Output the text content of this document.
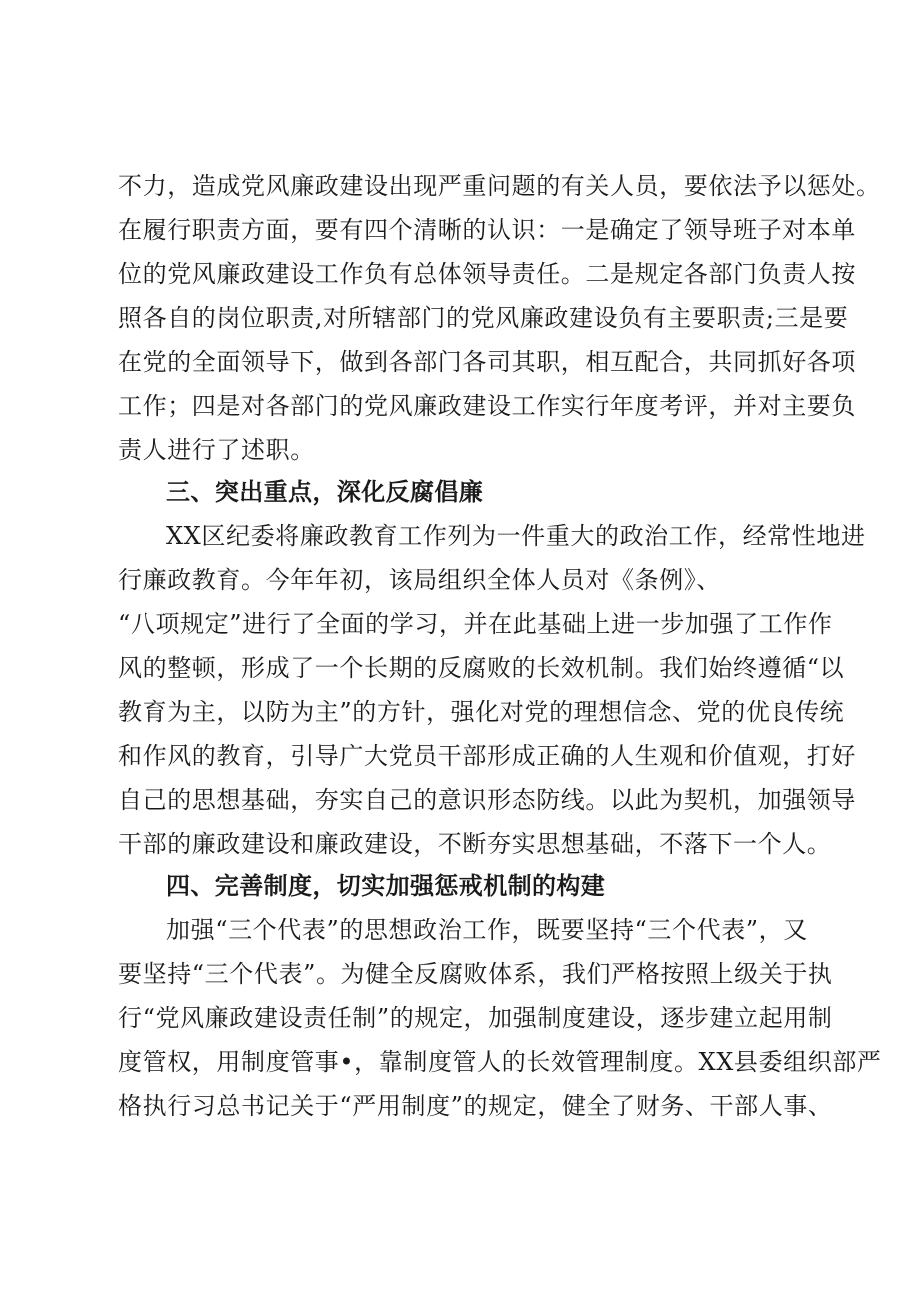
不力，造成党风廉政建设出现严重问题的有关人员，要依法予以惩处。
在履行职责方面，要有四个清晰的认识：一是确定了领导班子对本单
位的党风廉政建设工作负有总体领导责任。二是规定各部门负责人按
照各自的岗位职责,对所辖部门的党风廉政建设负有主要职责;三是要
在党的全面领导下，做到各部门各司其职，相互配合，共同抓好各项
工作；四是对各部门的党风廉政建设工作实行年度考评，并对主要负
责人进行了述职。
三、突出重点，深化反腐倡廉
XX区纪委将廉政教育工作列为一件重大的政治工作，经常性地进
行廉政教育。今年年初，该局组织全体人员对《条例》、
“八项规定”进行了全面的学习，并在此基础上进一步加强了工作作
风的整顿，形成了一个长期的反腐败的长效机制。我们始终遵循“以
教育为主，以防为主”的方针，强化对党的理想信念、党的优良传统
和作风的教育，引导广大党员干部形成正确的人生观和价值观，打好
自己的思想基础，夯实自己的意识形态防线。以此为契机，加强领导
干部的廉政建设和廉政建设，不断夯实思想基础，不落下一个人。
四、完善制度，切实加强惩戒机制的构建
加强“三个代表”的思想政治工作，既要坚持“三个代表”，又
要坚持“三个代表”。为健全反腐败体系，我们严格按照上级关于执
行“党风廉政建设责任制”的规定，加强制度建设，逐步建立起用制
度管权，用制度管事•，靠制度管人的长效管理制度。XX县委组织部严
格执行习总书记关于“严用制度”的规定，健全了财务、干部人事、
